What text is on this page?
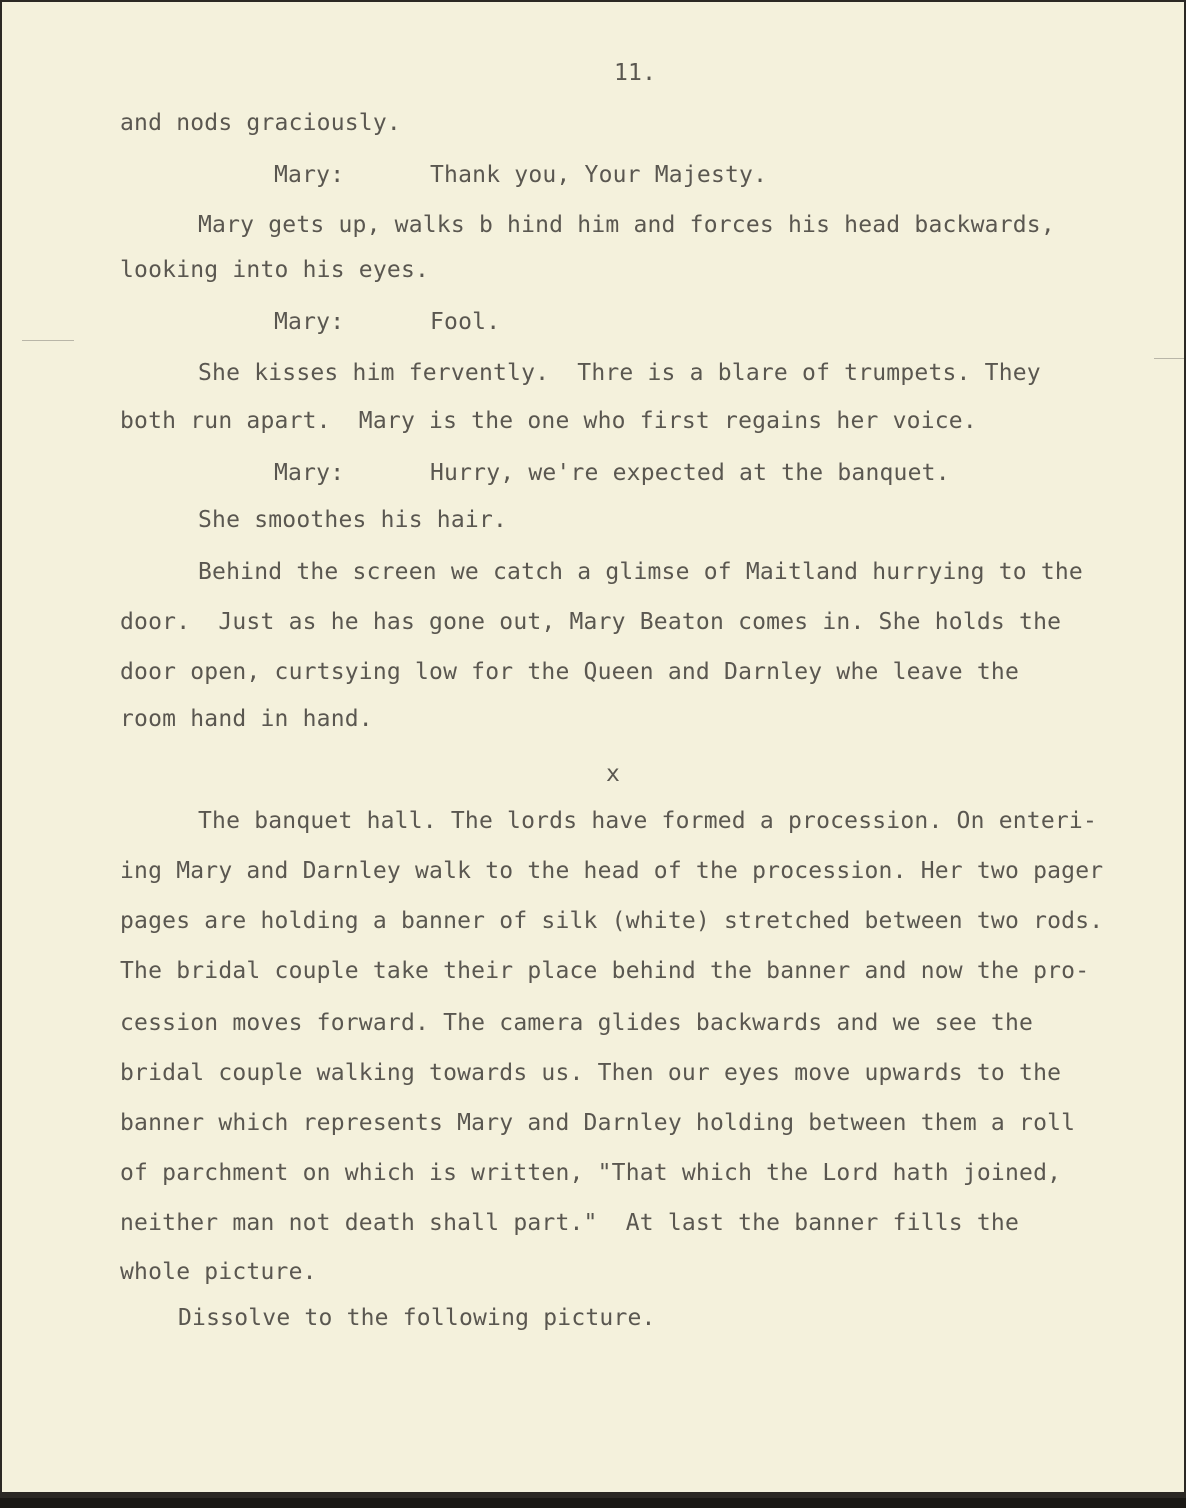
11.
and nods graciously.
Mary:	Thank you, Your Majesty.
Mary gets up, walks b hind him and forces his head backwards,
looking into his eyes.
Mary:	Fool.
She kisses him fervently.  Thre is a blare of trumpets. They
both run apart.  Mary is the one who first regains her voice.
Mary:	Hurry, we're expected at the banquet.
She smoothes his hair.
Behind the screen we catch a glimse of Maitland hurrying to the
door.  Just as he has gone out, Mary Beaton comes in. She holds the
door open, curtsying low for the Queen and Darnley whe leave the
room hand in hand.
x
The banquet hall. The lords have formed a procession. On enteri-
ing Mary and Darnley walk to the head of the procession. Her two pager
pages are holding a banner of silk (white) stretched between two rods.
The bridal couple take their place behind the banner and now the pro-
cession moves forward. The camera glides backwards and we see the
bridal couple walking towards us. Then our eyes move upwards to the
banner which represents Mary and Darnley holding between them a roll
of parchment on which is written, "That which the Lord hath joined,
neither man not death shall part."  At last the banner fills the
whole picture.
Dissolve to the following picture.
